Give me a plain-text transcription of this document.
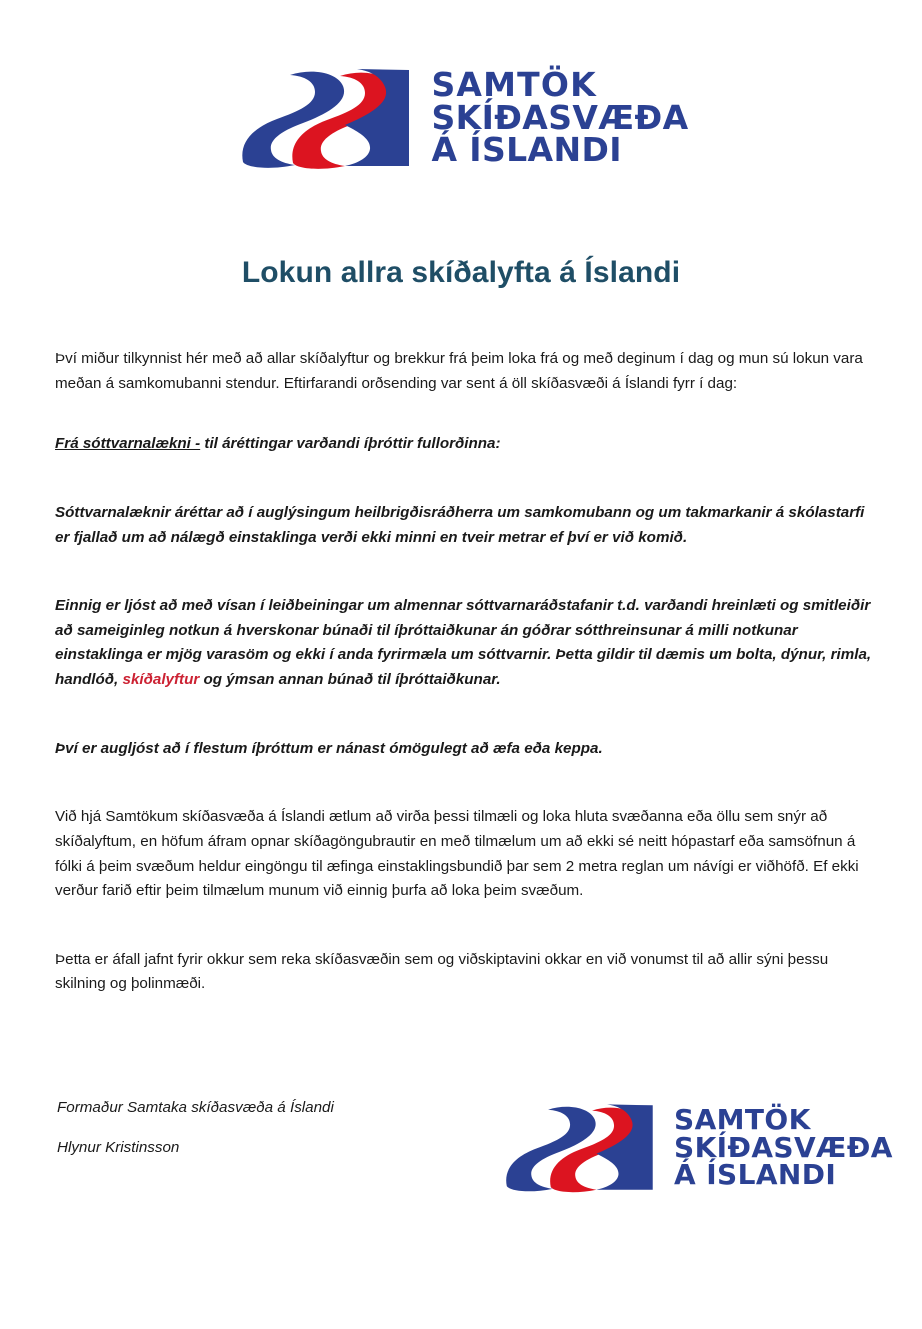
SAMTÖK
SKÍÐASVÆÐA
Á ÍSLANDI
Lokun allra skíðalyfta á Íslandi

Því miður tilkynnist hér með að allar skíðalyftur og brekkur frá þeim loka frá og með deginum í dag og mun sú lokun vara meðan á samkomubanni stendur. Eftirfarandi orðsending var sent á öll skíðasvæði á Íslandi fyrr í dag:

Frá sóttvarnalækni - til áréttingar varðandi íþróttir fullorðinna:

Sóttvarnalæknir áréttar að í auglýsingum heilbrigðisráðherra um samkomubann og um takmarkanir á skólastarfi er fjallað um að nálægð einstaklinga verði ekki minni en tveir metrar ef því er við komið.

Einnig er ljóst að með vísan í leiðbeiningar um almennar sóttvarnaráðstafanir t.d. varðandi hreinlæti og smitleiðir að sameiginleg notkun á hverskonar búnaði til íþróttaiðkunar án góðrar sótthreinsunar á milli notkunar einstaklinga er mjög varasöm og ekki í anda fyrirmæla um sóttvarnir. Þetta gildir til dæmis um bolta, dýnur, rimla, handlóð, skíðalyftur og ýmsan annan búnað til íþróttaiðkunar.

Því er augljóst að í flestum íþróttum er nánast ómögulegt að æfa eða keppa.

Við hjá Samtökum skíðasvæða á Íslandi ætlum að virða þessi tilmæli og loka hluta svæðanna eða öllu sem snýr að skíðalyftum, en höfum áfram opnar skíðagöngubrautir en með tilmælum um að ekki sé neitt hópastarf eða samsöfnun á fólki á þeim svæðum heldur eingöngu til æfinga einstaklingsbundið þar sem 2 metra reglan um návígi er viðhöfð. Ef ekki verður farið eftir þeim tilmælum munum við einnig þurfa að loka þeim svæðum.

Þetta er áfall jafnt fyrir okkur sem reka skíðasvæðin sem og viðskiptavini okkar en við vonumst til að allir sýni þessu skilning og þolinmæði.

Formaður Samtaka skíðasvæða á Íslandi
Hlynur Kristinsson
SAMTÖK
SKÍÐASVÆÐA
Á ÍSLANDI
